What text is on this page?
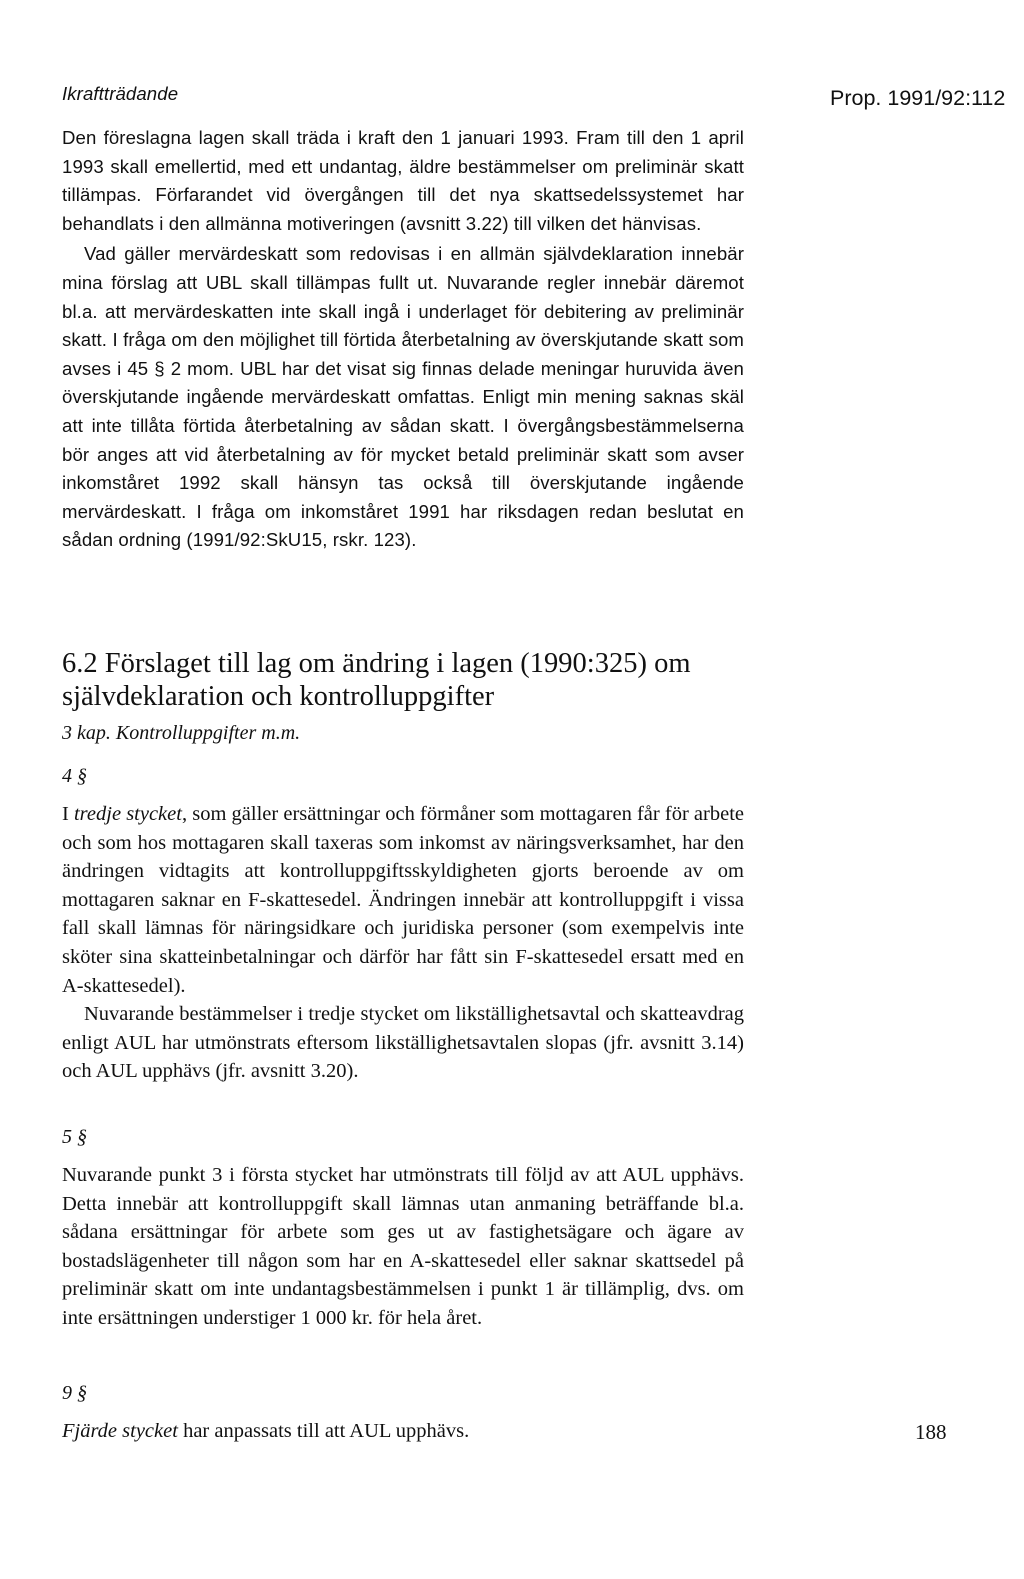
Prop. 1991/92:112
Ikraftträdande

Den föreslagna lagen skall träda i kraft den 1 januari 1993. Fram till den 1 april 1993 skall emellertid, med ett undantag, äldre bestämmelser om preliminär skatt tillämpas. Förfarandet vid övergången till det nya skattsedelssystemet har behandlats i den allmänna motiveringen (avsnitt 3.22) till vilken det hänvisas.

Vad gäller mervärdeskatt som redovisas i en allmän självdeklaration innebär mina förslag att UBL skall tillämpas fullt ut. Nuvarande regler innebär däremot bl.a. att mervärdeskatten inte skall ingå i underlaget för debitering av preliminär skatt. I fråga om den möjlighet till förtida återbetalning av överskjutande skatt som avses i 45 § 2 mom. UBL har det visat sig finnas delade meningar huruvida även överskjutande ingående mervärdeskatt omfattas. Enligt min mening saknas skäl att inte tillåta förtida återbetalning av sådan skatt. I övergångsbestämmelserna bör anges att vid återbetalning av för mycket betald preliminär skatt som avser inkomståret 1992 skall hänsyn tas också till överskjutande ingående mervärdeskatt. I fråga om inkomståret 1991 har riksdagen redan beslutat en sådan ordning (1991/92:SkU15, rskr. 123).

6.2 Förslaget till lag om ändring i lagen (1990:325) om självdeklaration och kontrolluppgifter

3 kap. Kontrolluppgifter m.m.

4 §

I tredje stycket, som gäller ersättningar och förmåner som mottagaren får för arbete och som hos mottagaren skall taxeras som inkomst av näringsverksamhet, har den ändringen vidtagits att kontrolluppgiftsskyldigheten gjorts beroende av om mottagaren saknar en F-skattesedel. Ändringen innebär att kontrolluppgift i vissa fall skall lämnas för näringsidkare och juridiska personer (som exempelvis inte sköter sina skatteinbetalningar och därför har fått sin F-skattesedel ersatt med en A-skattesedel).

Nuvarande bestämmelser i tredje stycket om likställighetsavtal och skatteavdrag enligt AUL har utmönstrats eftersom likställighetsavtalen slopas (jfr. avsnitt 3.14) och AUL upphävs (jfr. avsnitt 3.20).

5 §

Nuvarande punkt 3 i första stycket har utmönstrats till följd av att AUL upphävs. Detta innebär att kontrolluppgift skall lämnas utan anmaning beträffande bl.a. sådana ersättningar för arbete som ges ut av fastighetsägare och ägare av bostadslägenheter till någon som har en A-skattesedel eller saknar skattsedel på preliminär skatt om inte undantagsbestämmelsen i punkt 1 är tillämplig, dvs. om inte ersättningen understiger 1 000 kr. för hela året.

9 §

Fjärde stycket har anpassats till att AUL upphävs.	188
